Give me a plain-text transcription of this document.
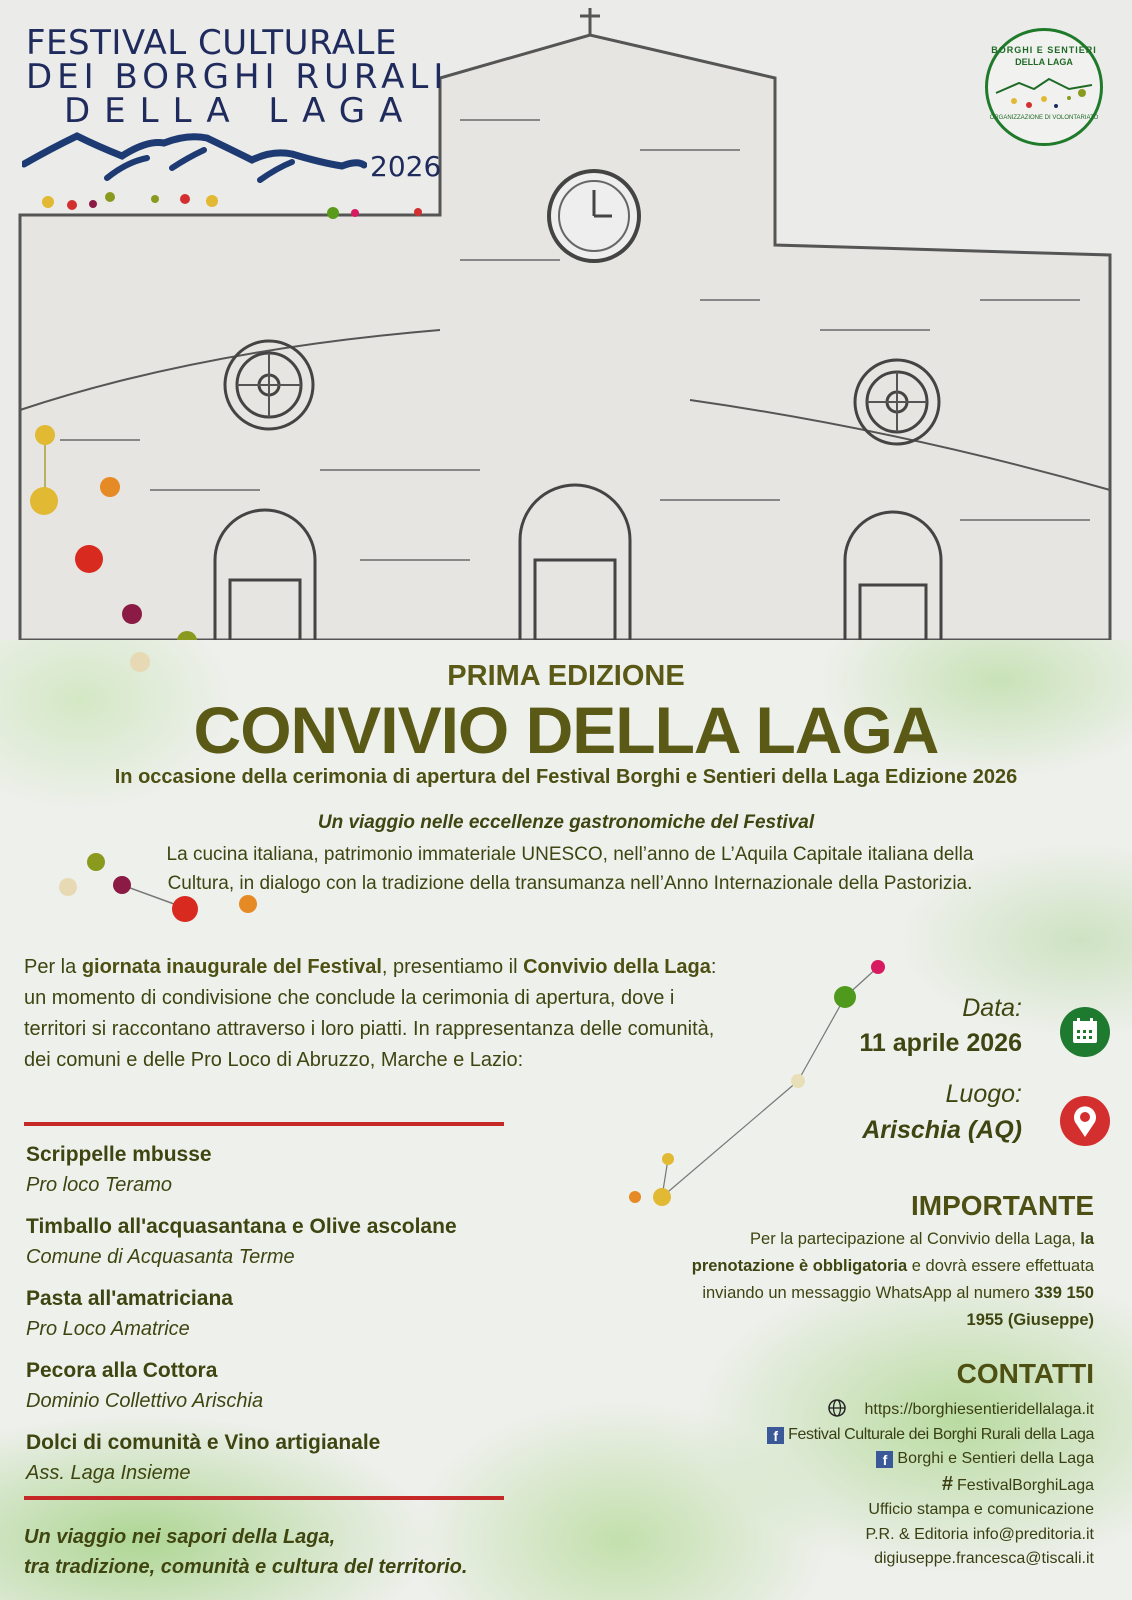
FESTIVAL CULTURALE
DEI BORGHI RURALI
DELLA LAGA
2026
BORGHI E SENTIERI
DELLA LAGA
ORGANIZZAZIONE DI VOLONTARIATO
PRIMA EDIZIONE
CONVIVIO DELLA LAGA
In occasione della cerimonia di apertura del Festival Borghi e Sentieri della Laga Edizione 2026
Un viaggio nelle eccellenze gastronomiche del Festival
La cucina italiana, patrimonio immateriale UNESCO, nell’anno de L’Aquila Capitale italiana della Cultura, in dialogo con la tradizione della transumanza nell’Anno Internazionale della Pastorizia.
Per la giornata inaugurale del Festival, presentiamo il Convivio della Laga: un momento di condivisione che conclude la cerimonia di apertura, dove i territori si raccontano attraverso i loro piatti. In rappresentanza delle comunità, dei comuni e delle Pro Loco di Abruzzo, Marche e Lazio:
Scrippelle mbusse
Pro loco Teramo
Timballo all'acquasantana e Olive ascolane
Comune di Acquasanta Terme
Pasta all'amatriciana
Pro Loco Amatrice
Pecora alla Cottora
Dominio Collettivo Arischia
Dolci di comunità e Vino artigianale
Ass. Laga Insieme
Un viaggio nei sapori della Laga,
tra tradizione, comunità e cultura del territorio.
Data:
11 aprile 2026
Luogo:
Arischia (AQ)
IMPORTANTE
Per la partecipazione al Convivio della Laga, la prenotazione è obbligatoria e dovrà essere effettuata inviando un messaggio WhatsApp al numero 339 150 1955 (Giuseppe)
CONTATTI
https://borghiesentieridellalaga.it
f Festival Culturale dei Borghi Rurali della Laga
f Borghi e Sentieri della Laga
# FestivalBorghiLaga
Ufficio stampa e comunicazione
P.R. & Editoria info@preditoria.it
digiuseppe.francesca@tiscali.it
